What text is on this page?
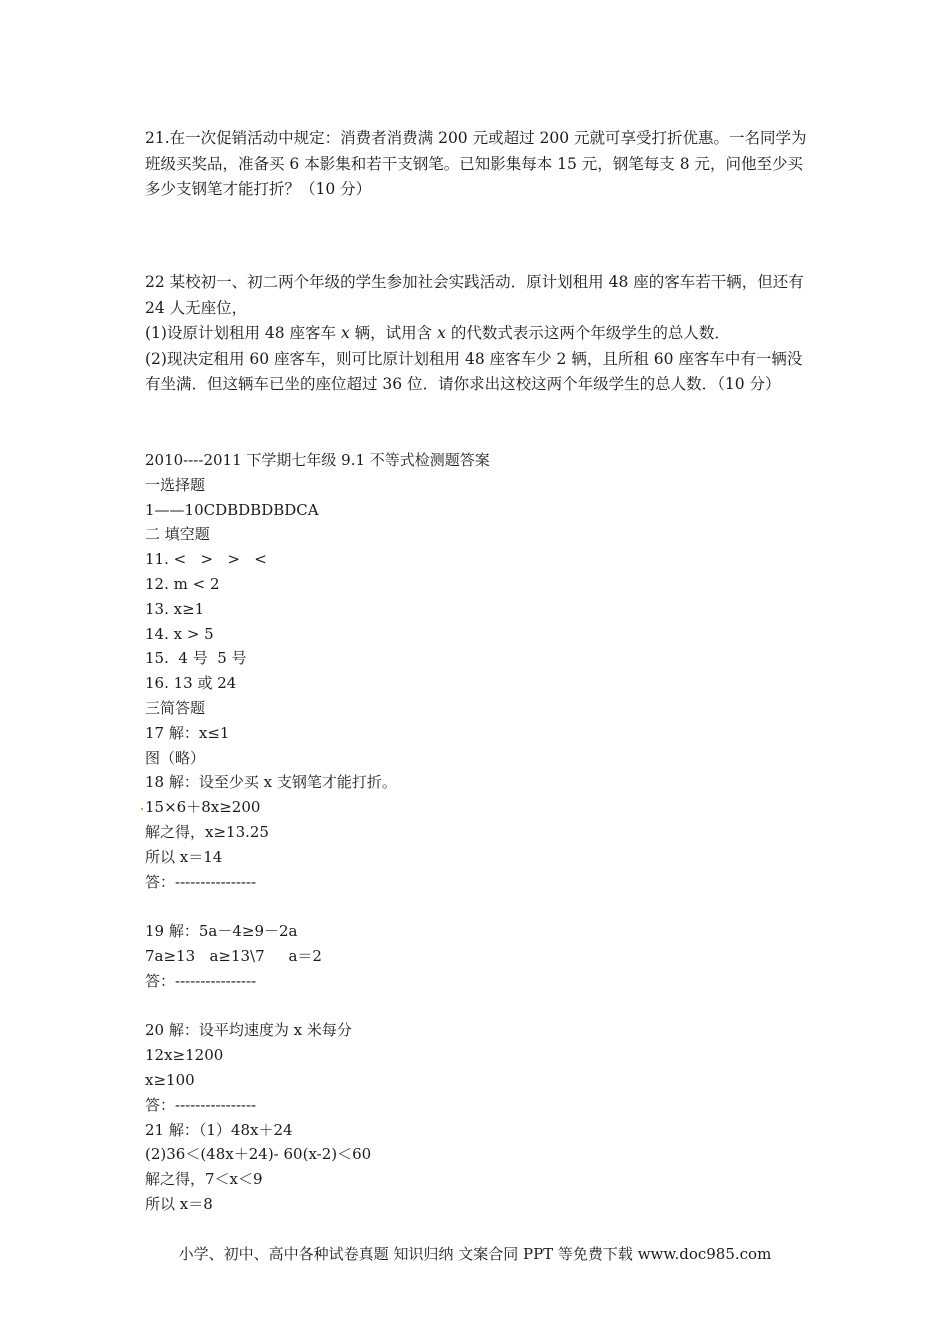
21.在一次促销活动中规定：消费者消费满 200 元或超过 200 元就可享受打折优惠。一名同学为班级买奖品，准备买 6 本影集和若干支钢笔。已知影集每本 15 元，钢笔每支 8 元，问他至少买多少支钢笔才能打折？（10 分）

22 某校初一、初二两个年级的学生参加社会实践活动．原计划租用 48 座的客车若干辆，但还有 24 人无座位，

(1)设原计划租用 48 座客车 x 辆，试用含 x 的代数式表示这两个年级学生的总人数．

(2)现决定租用 60 座客车，则可比原计划租用 48 座客车少 2 辆，且所租 60 座客车中有一辆没有坐满．但这辆车已坐的座位超过 36 位．请你求出这校这两个年级学生的总人数．（10 分）

2010----2011 下学期七年级 9.1 不等式检测题答案
一选择题
1——10CDBDBDBDCA
二 填空题
11. <   >   >   <
12. m < 2
13. x≥1
14. x > 5
15.  4 号  5 号
16. 13 或 24
三简答题
17 解：x≤1
图（略）
18 解：设至少买 x 支钢笔才能打折。
15×6＋8x≥200
解之得，x≥13.25
所以 x＝14
答：----------------
19 解：5a－4≥9－2a
7a≥13   a≥13\7     a＝2
答：----------------
20 解：设平均速度为 x 米每分
12x≥1200
x≥100
答：----------------
21 解：（1）48x＋24
(2)36＜(48x＋24)- 60(x-2)＜60
解之得，7＜x＜9
所以 x＝8
小学、初中、高中各种试卷真题 知识归纳 文案合同 PPT 等免费下载 www.doc985.com
